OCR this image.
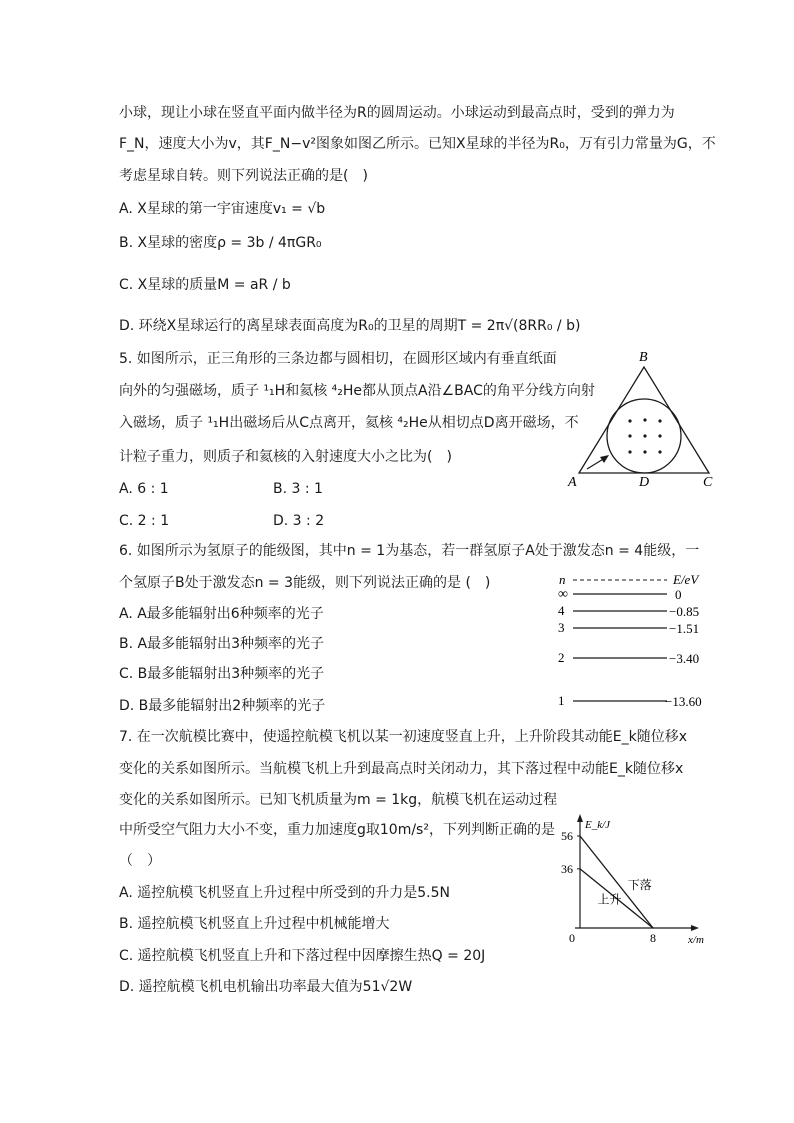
小球，现让小球在竖直平面内做半径为R的圆周运动。小球运动到最高点时，受到的弹力为
F_N，速度大小为v，其F_N−v²图象如图乙所示。已知X星球的半径为R₀，万有引力常量为G，不
考虑星球自转。则下列说法正确的是(　)
A. X星球的第一宇宙速度v₁ = √b
B. X星球的密度ρ = 3b / 4πGR₀
C. X星球的质量M = aR / b
D. 环绕X星球运行的离星球表面高度为R₀的卫星的周期T = 2π√(8RR₀ / b)
5. 如图所示，正三角形的三条边都与圆相切，在圆形区域内有垂直纸面
向外的匀强磁场，质子 ¹₁H和氦核 ⁴₂He都从顶点A沿∠BAC的角平分线方向射
入磁场，质子 ¹₁H出磁场后从C点离开，氦核 ⁴₂He从相切点D离开磁场，不
计粒子重力，则质子和氦核的入射速度大小之比为(　)
A. 6 : 1	B. 3 : 1
C. 2 : 1	D. 3 : 2
B
A	D	C
6. 如图所示为氢原子的能级图，其中n = 1为基态，若一群氢原子A处于激发态n = 4能级，一
个氢原子B处于激发态n = 3能级，则下列说法正确的是 (　)
A. A最多能辐射出6种频率的光子
B. A最多能辐射出3种频率的光子
C. B最多能辐射出3种频率的光子
D. B最多能辐射出2种频率的光子
n	E/eV
∞	0
4	−0.85
3	−1.51
2	−3.40
1	−13.60
7. 在一次航模比赛中，使遥控航模飞机以某一初速度竖直上升，上升阶段其动能E_k随位移x
变化的关系如图所示。当航模飞机上升到最高点时关闭动力，其下落过程中动能E_k随位移x
变化的关系如图所示。已知飞机质量为m = 1kg，航模飞机在运动过程
中所受空气阻力大小不变，重力加速度g取10m/s²，下列判断正确的是
（　）
A. 遥控航模飞机竖直上升过程中所受到的升力是5.5N
B. 遥控航模飞机竖直上升过程中机械能增大
C. 遥控航模飞机竖直上升和下落过程中因摩擦生热Q = 20J
D. 遥控航模飞机电机输出功率最大值为51√2W
E_k/J
x/m
0
56
下落
36
上升
8
